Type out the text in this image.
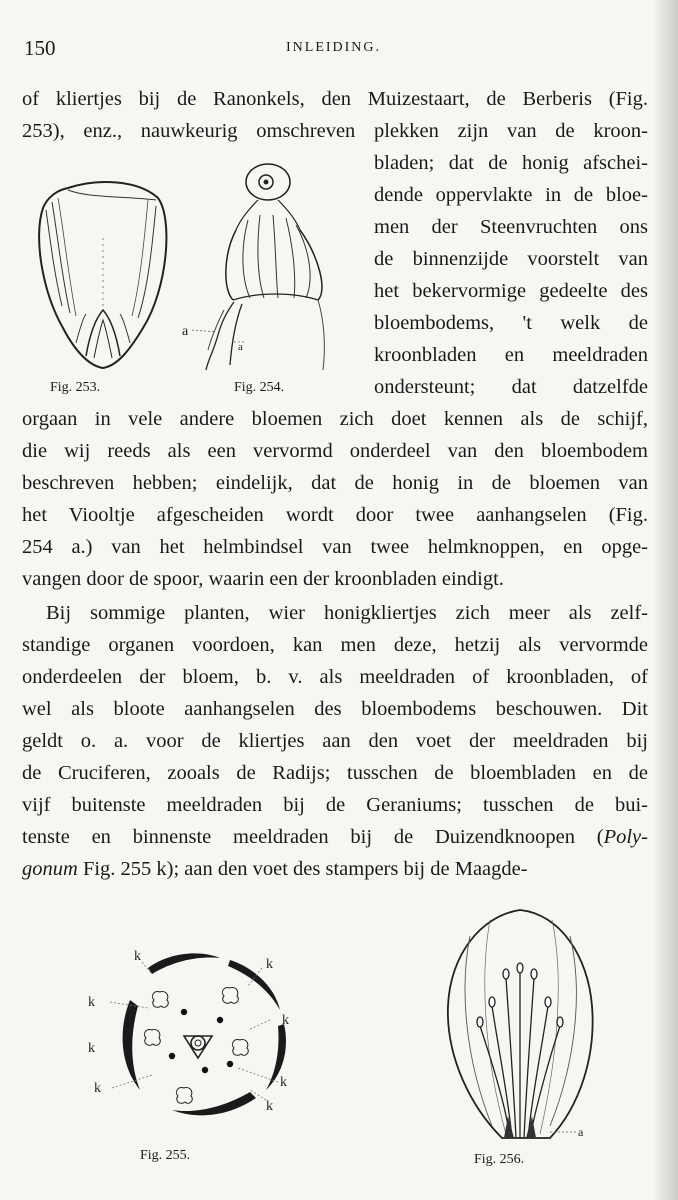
150	INLEIDING.
of kliertjes bij de Ranonkels, den Muizestaart, de Berberis (Fig.
253), enz., nauwkeurig omschreven plekken zijn van de kroon-
bladen; dat de honig afschei-
dende oppervlakte in de bloe-
men der Steenvruchten ons
de binnenzijde voorstelt van
het bekervormige gedeelte des
bloembodems, 't welk de
kroonbladen en meeldraden
ondersteunt; dat datzelfde
orgaan in vele andere bloemen zich doet kennen als de schijf,
die wij reeds als een vervormd onderdeel van den bloembodem
beschreven hebben; eindelijk, dat de honig in de bloemen van
het Viooltje afgescheiden wordt door twee aanhangselen (Fig.
254 a.) van het helmbindsel van twee helmknoppen, en opge-
vangen door de spoor, waarin een der kroonbladen eindigt.
Bij sommige planten, wier honigkliertjes zich meer als zelf-
standige organen voordoen, kan men deze, hetzij als vervormde
onderdeelen der bloem, b. v. als meeldraden of kroonbladen, of
wel als bloote aanhangselen des bloembodems beschouwen. Dit
geldt o. a. voor de kliertjes aan den voet der meeldraden bij
de Cruciferen, zooals de Radijs; tusschen de bloembladen en de
vijf buitenste meeldraden bij de Geraniums; tusschen de bui-
tenste en binnenste meeldraden bij de Duizendknoopen (Poly-
gonum Fig. 255 k); aan den voet des stampers bij de Maagde-
Fig. 253.
a
a
Fig. 254.
k
k
k
k
k
k	k
k
Fig. 255.
a
Fig. 256.
